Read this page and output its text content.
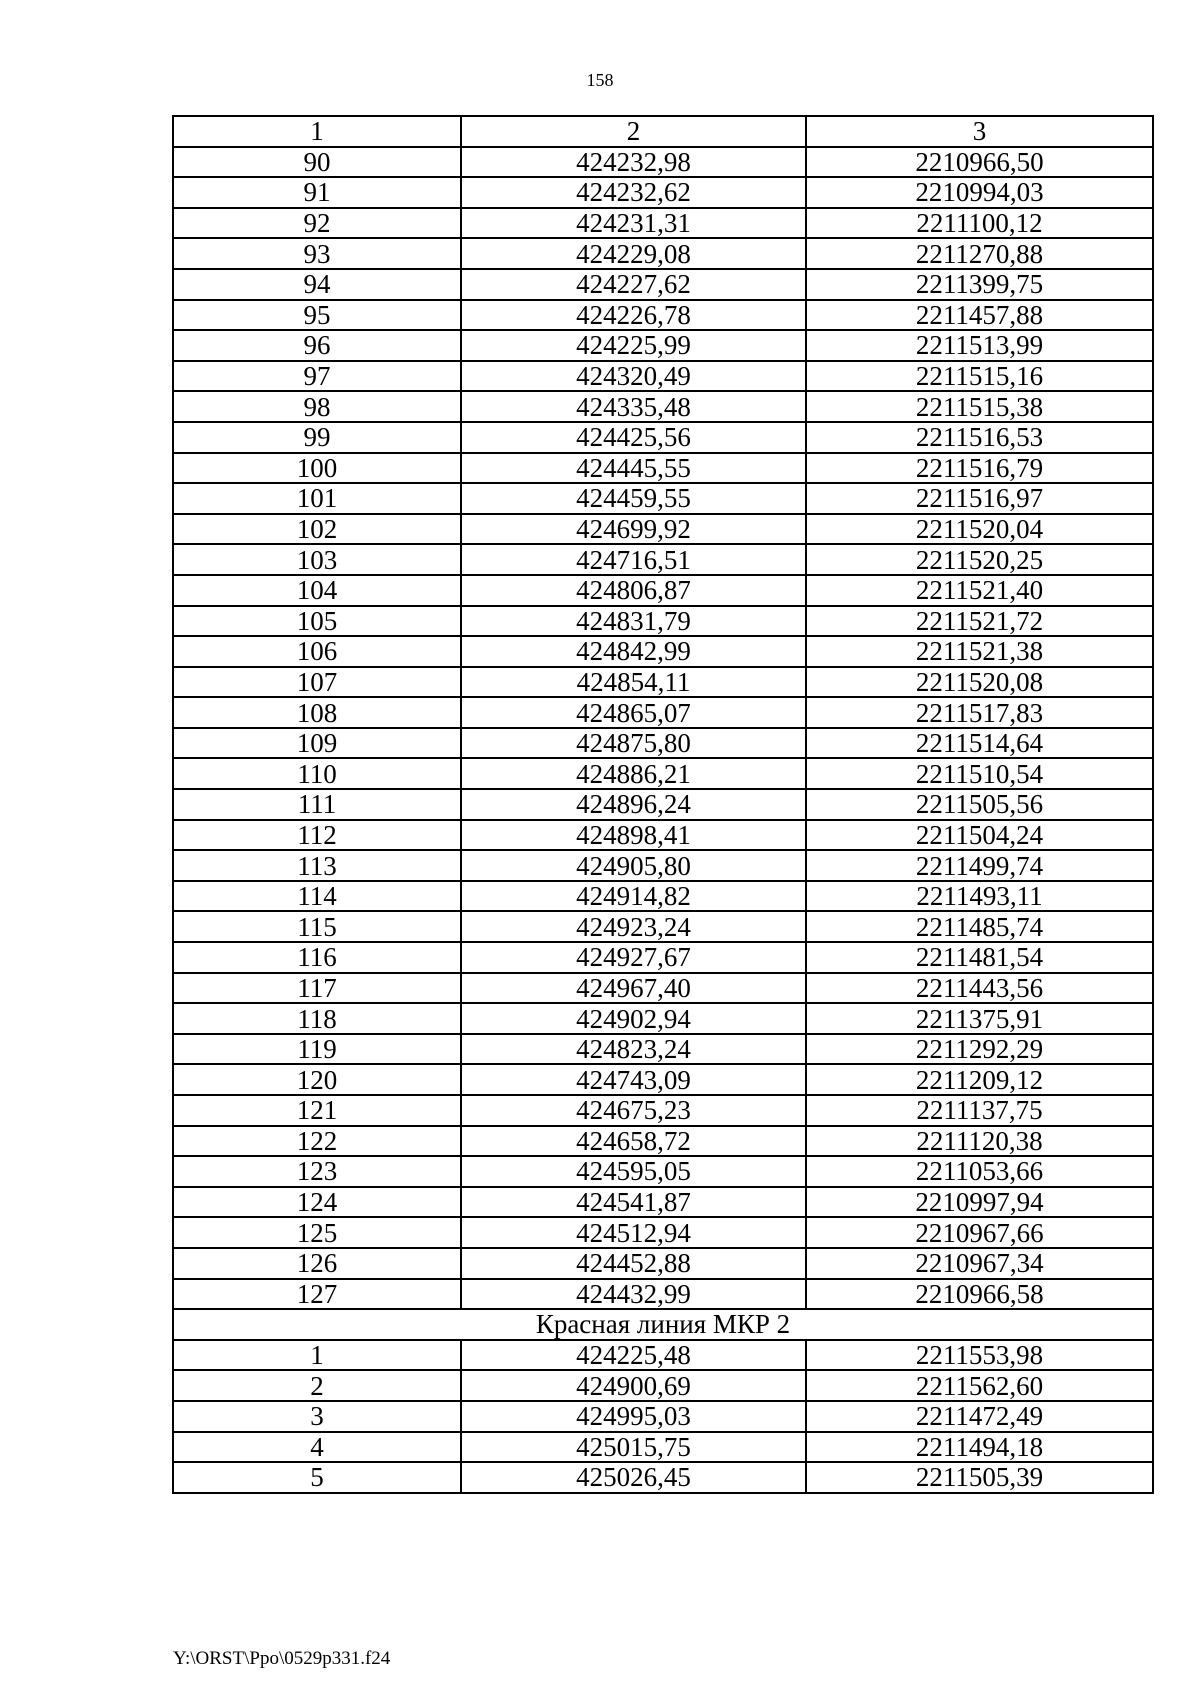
158
1	2	3
90	424232,98	2210966,50
91	424232,62	2210994,03
92	424231,31	2211100,12
93	424229,08	2211270,88
94	424227,62	2211399,75
95	424226,78	2211457,88
96	424225,99	2211513,99
97	424320,49	2211515,16
98	424335,48	2211515,38
99	424425,56	2211516,53
100	424445,55	2211516,79
101	424459,55	2211516,97
102	424699,92	2211520,04
103	424716,51	2211520,25
104	424806,87	2211521,40
105	424831,79	2211521,72
106	424842,99	2211521,38
107	424854,11	2211520,08
108	424865,07	2211517,83
109	424875,80	2211514,64
110	424886,21	2211510,54
111	424896,24	2211505,56
112	424898,41	2211504,24
113	424905,80	2211499,74
114	424914,82	2211493,11
115	424923,24	2211485,74
116	424927,67	2211481,54
117	424967,40	2211443,56
118	424902,94	2211375,91
119	424823,24	2211292,29
120	424743,09	2211209,12
121	424675,23	2211137,75
122	424658,72	2211120,38
123	424595,05	2211053,66
124	424541,87	2210997,94
125	424512,94	2210967,66
126	424452,88	2210967,34
127	424432,99	2210966,58
Красная линия МКР 2		
1	424225,48	2211553,98
2	424900,69	2211562,60
3	424995,03	2211472,49
4	425015,75	2211494,18
5	425026,45	2211505,39
Y:\ORST\Ppo\0529p331.f24
